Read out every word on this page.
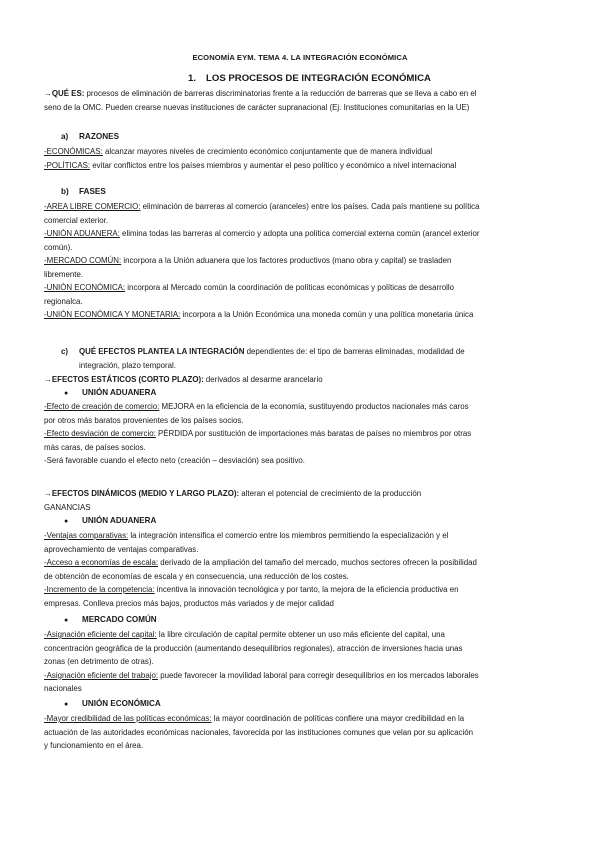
ECONOMÍA EYM. TEMA 4. LA INTEGRACIÓN ECONÓMICA
1. LOS PROCESOS DE INTEGRACIÓN ECONÓMICA
→QUÉ ES: procesos de eliminación de barreras discriminatorias frente a la reducción de barreras que se lleva a cabo en el
seno de la OMC. Pueden crearse nuevas instituciones de carácter supranacional (Ej. Instituciones comunitarias en la UE)
a) RAZONES
-ECONÓMICAS: alcanzar mayores niveles de crecimiento económico conjuntamente que de manera individual
-POLÍTICAS: evitar conflictos entre los países miembros y aumentar el peso político y económico a nivel internacional
b) FASES
-AREA LIBRE COMERCIO: eliminación de barreras al comercio (aranceles) entre los países. Cada país mantiene su política
comercial exterior.
-UNIÓN ADUANERA: elimina todas las barreras al comercio y adopta una política comercial externa común (arancel exterior
común).
-MERCADO COMÚN: incorpora a la Unión aduanera que los factores productivos (mano obra y capital) se trasladen
libremente.
-UNIÓN ECONÓMICA: incorpora al Mercado común la coordinación de políticas económicas y políticas de desarrollo
regionalca.
-UNIÓN ECONÓMICA Y MONETARIA: incorpora a la Unión Económica una moneda común y una política monetaria única
c) QUÉ EFECTOS PLANTEA LA INTEGRACIÓN dependientes de: el tipo de barreras eliminadas, modalidad de
integración, plazo temporal.
→EFECTOS ESTÁTICOS (CORTO PLAZO): derivados al desarme arancelario
● UNIÓN ADUANERA
-Efecto de creación de comercio: MEJORA en la eficiencia de la economía, sustituyendo productos nacionales más caros
por otros más baratos provenientes de los países socios.
-Efecto desviación de comercio: PÉRDIDA por sustitución de importaciones más baratas de países no miembros por otras
más caras, de países socios.
-Será favorable cuando el efecto neto (creación – desviación) sea positivo.
→EFECTOS DINÁMICOS (MEDIO Y LARGO PLAZO): alteran el potencial de crecimiento de la producción
GANANCIAS
● UNIÓN ADUANERA
-Ventajas comparativas: la integración intensifica el comercio entre los miembros permitiendo la especialización y el
aprovechamiento de ventajas comparativas.
-Acceso a economías de escala: derivado de la ampliación del tamaño del mercado, muchos sectores ofrecen la posibilidad
de obtención de economías de escala y en consecuencia, una reducción de los costes.
-Incremento de la competencia: incentiva la innovación tecnológica y por tanto, la mejora de la eficiencia productiva en
empresas. Conlleva precios más bajos, productos más variados y de mejor calidad
● MERCADO COMÚN
-Asignación eficiente del capital: la libre circulación de capital permite obtener un uso más eficiente del capital, una
concentración geográfica de la producción (aumentando desequilibrios regionales), atracción de inversiones hacia unas
zonas (en detrimento de otras).
-Asignación eficiente del trabajo: puede favorecer la movilidad laboral para corregir desequilibrios en los mercados laborales
nacionales
● UNIÓN ECONÓMICA
-Mayor credibilidad de las políticas económicas: la mayor coordinación de políticas confiere una mayor credibilidad en la
actuación de las autoridades económicas nacionales, favorecida por las instituciones comunes que velan por su aplicación
y funcionamiento en el área.
